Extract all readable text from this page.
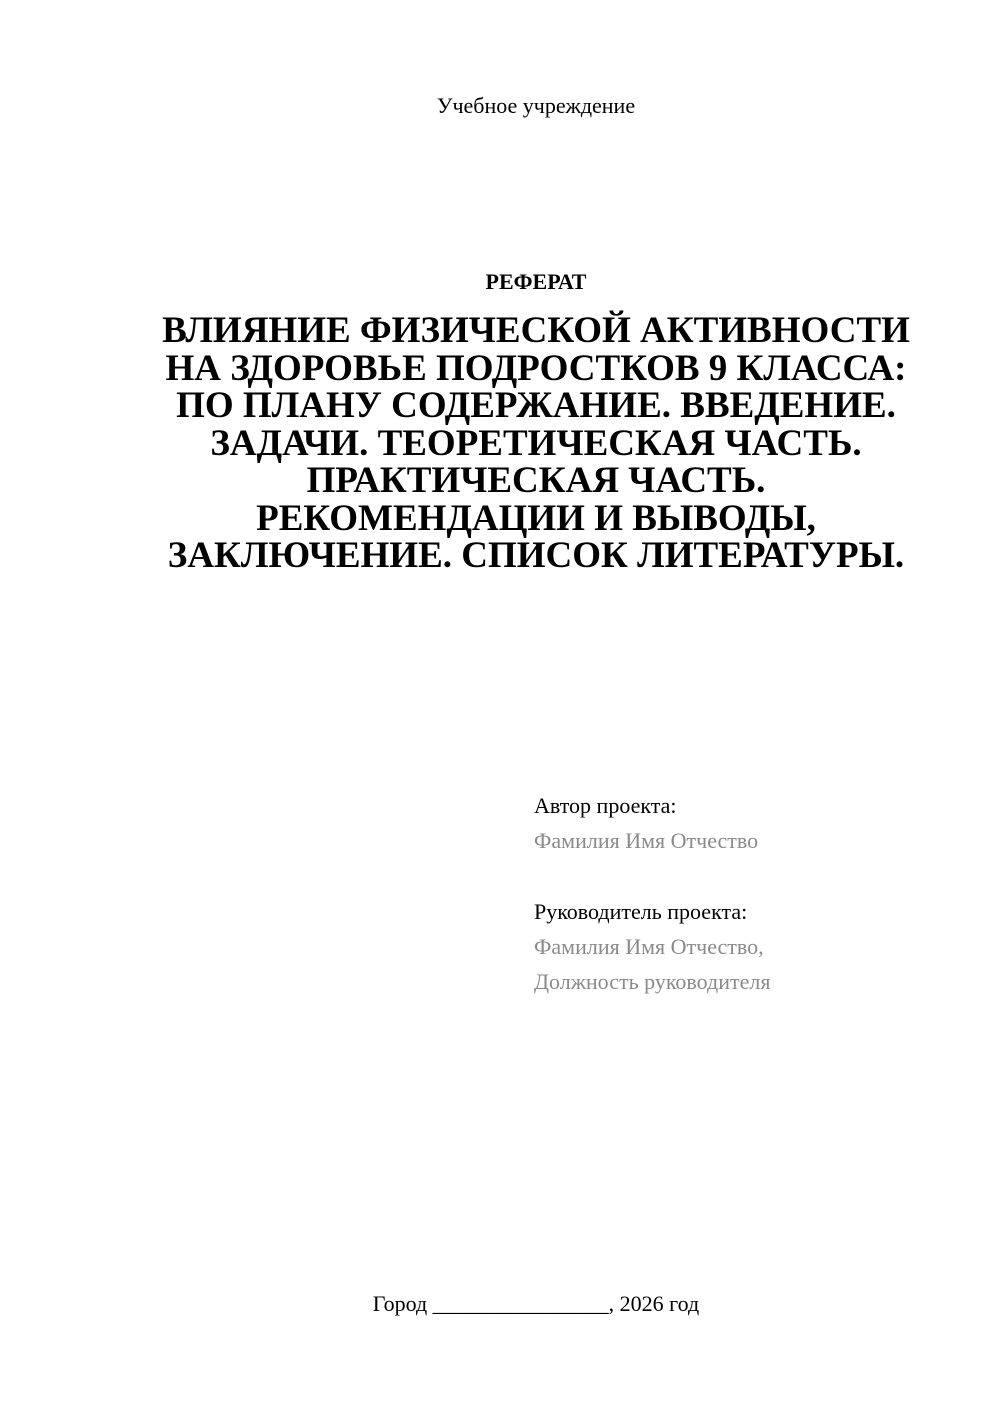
Учебное учреждение
РЕФЕРАТ
ВЛИЯНИЕ ФИЗИЧЕСКОЙ АКТИВНОСТИ НА ЗДОРОВЬЕ ПОДРОСТКОВ 9 КЛАССА: ПО ПЛАНУ СОДЕРЖАНИЕ. ВВЕДЕНИЕ. ЗАДАЧИ. ТЕОРЕТИЧЕСКАЯ ЧАСТЬ. ПРАКТИЧЕСКАЯ ЧАСТЬ. РЕКОМЕНДАЦИИ И ВЫВОДЫ, ЗАКЛЮЧЕНИЕ. СПИСОК ЛИТЕРАТУРЫ.
Автор проекта:
Фамилия Имя Отчество
Руководитель проекта:
Фамилия Имя Отчество,
Должность руководителя
Город ________________, 2026 год
